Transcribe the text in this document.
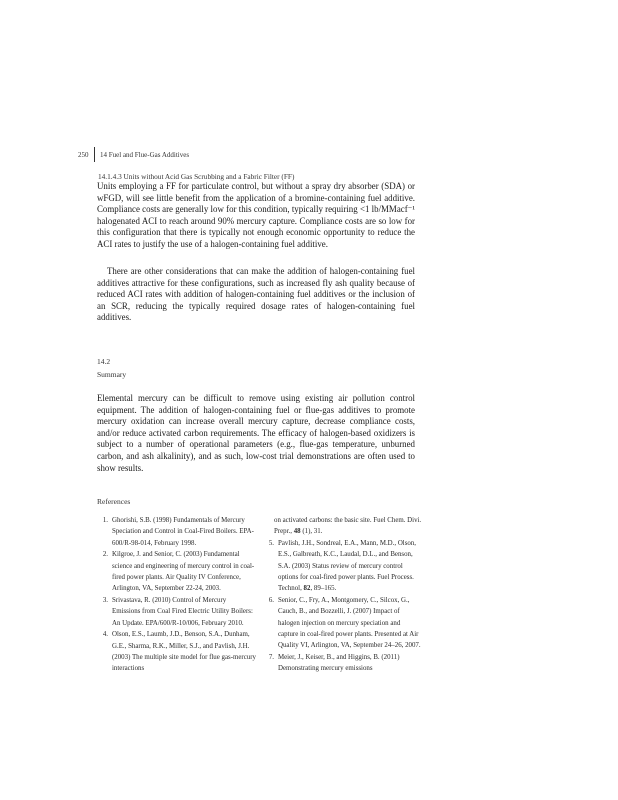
250 14 Fuel and Flue-Gas Additives
14.1.4.3 Units without Acid Gas Scrubbing and a Fabric Filter (FF)

Units employing a FF for particulate control, but without a spray dry absorber (SDA) or wFGD, will see little benefit from the application of a bromine-containing fuel additive. Compliance costs are generally low for this condition, typically requiring <1 lb/MMacf⁻¹ halogenated ACI to reach around 90% mercury capture. Compliance costs are so low for this configuration that there is typically not enough economic opportunity to reduce the ACI rates to justify the use of a halogen-containing fuel additive.

There are other considerations that can make the addition of halogen-containing fuel additives attractive for these configurations, such as increased fly ash quality because of reduced ACI rates with addition of halogen-containing fuel additives or the inclusion of an SCR, reducing the typically required dosage rates of halogen-containing fuel additives.

14.2
Summary

Elemental mercury can be difficult to remove using existing air pollution control equipment. The addition of halogen-containing fuel or flue-gas additives to promote mercury oxidation can increase overall mercury capture, decrease compliance costs, and/or reduce activated carbon requirements. The efficacy of halogen-based oxidizers is subject to a number of operational parameters (e.g., flue-gas temperature, unburned carbon, and ash alkalinity), and as such, low-cost trial demonstrations are often used to show results.

References
1. Ghorishi, S.B. (1998) Fundamentals of Mercury Speciation and Control in Coal-Fired Boilers. EPA-600/R-98-014, February 1998.
2. Kilgroe, J. and Senior, C. (2003) Fundamental science and engineering of mercury control in coal-fired power plants. Air Quality IV Conference, Arlington, VA, September 22-24, 2003.
3. Srivastava, R. (2010) Control of Mercury Emissions from Coal Fired Electric Utility Boilers: An Update. EPA/600/R-10/006, February 2010.
4. Olson, E.S., Laumb, J.D., Benson, S.A., Dunham, G.E., Sharma, R.K., Miller, S.J., and Pavlish, J.H. (2003) The multiple site model for flue gas-mercury interactions
on activated carbons: the basic site. Fuel Chem. Divi. Prepr., 48 (1), 31.
5. Pavlish, J.H., Sondreal, E.A., Mann, M.D., Olson, E.S., Galbreath, K.C., Laudal, D.L., and Benson, S.A. (2003) Status review of mercury control options for coal-fired power plants. Fuel Process. Technol, 82, 89–165.
6. Senior, C., Fry, A., Montgomery, C., Silcox, G., Cauch, B., and Bozzelli, J. (2007) Impact of halogen injection on mercury speciation and capture in coal-fired power plants. Presented at Air Quality VI, Arlington, VA, September 24–26, 2007.
7. Meier, J., Keiser, B., and Higgins, B. (2011) Demonstrating mercury emissions
